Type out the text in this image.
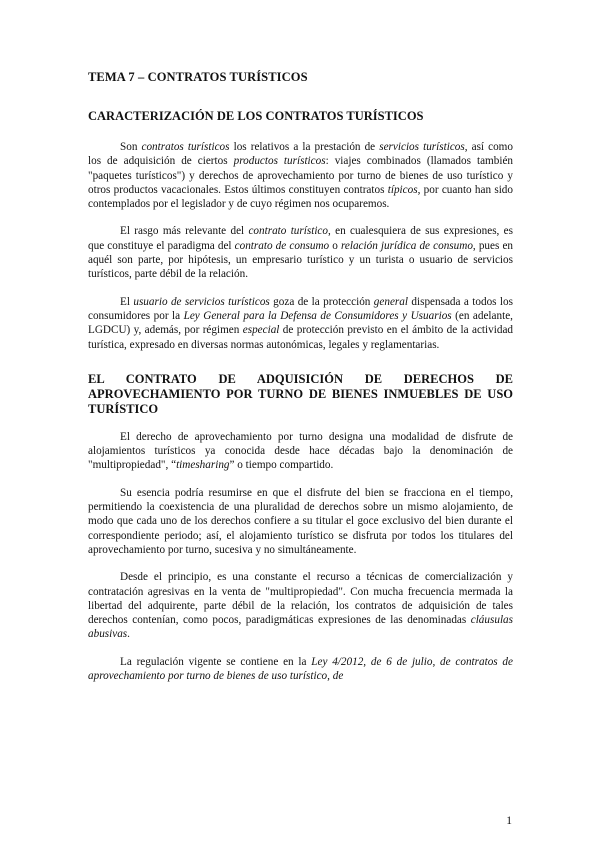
TEMA 7 – CONTRATOS TURÍSTICOS
CARACTERIZACIÓN DE LOS CONTRATOS TURÍSTICOS

Son contratos turísticos los relativos a la prestación de servicios turísticos, así como los de adquisición de ciertos productos turísticos: viajes combinados (llamados también "paquetes turísticos") y derechos de aprovechamiento por turno de bienes de uso turístico y otros productos vacacionales. Estos últimos constituyen contratos típicos, por cuanto han sido contemplados por el legislador y de cuyo régimen nos ocuparemos.

El rasgo más relevante del contrato turístico, en cualesquiera de sus expresiones, es que constituye el paradigma del contrato de consumo o relación jurídica de consumo, pues en aquél son parte, por hipótesis, un empresario turístico y un turista o usuario de servicios turísticos, parte débil de la relación.

El usuario de servicios turísticos goza de la protección general dispensada a todos los consumidores por la Ley General para la Defensa de Consumidores y Usuarios (en adelante, LGDCU) y, además, por régimen especial de protección previsto en el ámbito de la actividad turística, expresado en diversas normas autonómicas, legales y reglamentarias.

EL CONTRATO DE ADQUISICIÓN DE DERECHOS DE APROVECHAMIENTO POR TURNO DE BIENES INMUEBLES DE USO TURÍSTICO

El derecho de aprovechamiento por turno designa una modalidad de disfrute de alojamientos turísticos ya conocida desde hace décadas bajo la denominación de "multipropiedad", “timesharing” o tiempo compartido.

Su esencia podría resumirse en que el disfrute del bien se fracciona en el tiempo, permitiendo la coexistencia de una pluralidad de derechos sobre un mismo alojamiento, de modo que cada uno de los derechos confiere a su titular el goce exclusivo del bien durante el correspondiente periodo; así, el alojamiento turístico se disfruta por todos los titulares del aprovechamiento por turno, sucesiva y no simultáneamente.

Desde el principio, es una constante el recurso a técnicas de comercialización y contratación agresivas en la venta de "multipropiedad". Con mucha frecuencia mermada la libertad del adquirente, parte débil de la relación, los contratos de adquisición de tales derechos contenían, como pocos, paradigmáticas expresiones de las denominadas cláusulas abusivas.

La regulación vigente se contiene en la Ley 4/2012, de 6 de julio, de contratos de aprovechamiento por turno de bienes de uso turístico, de

1
